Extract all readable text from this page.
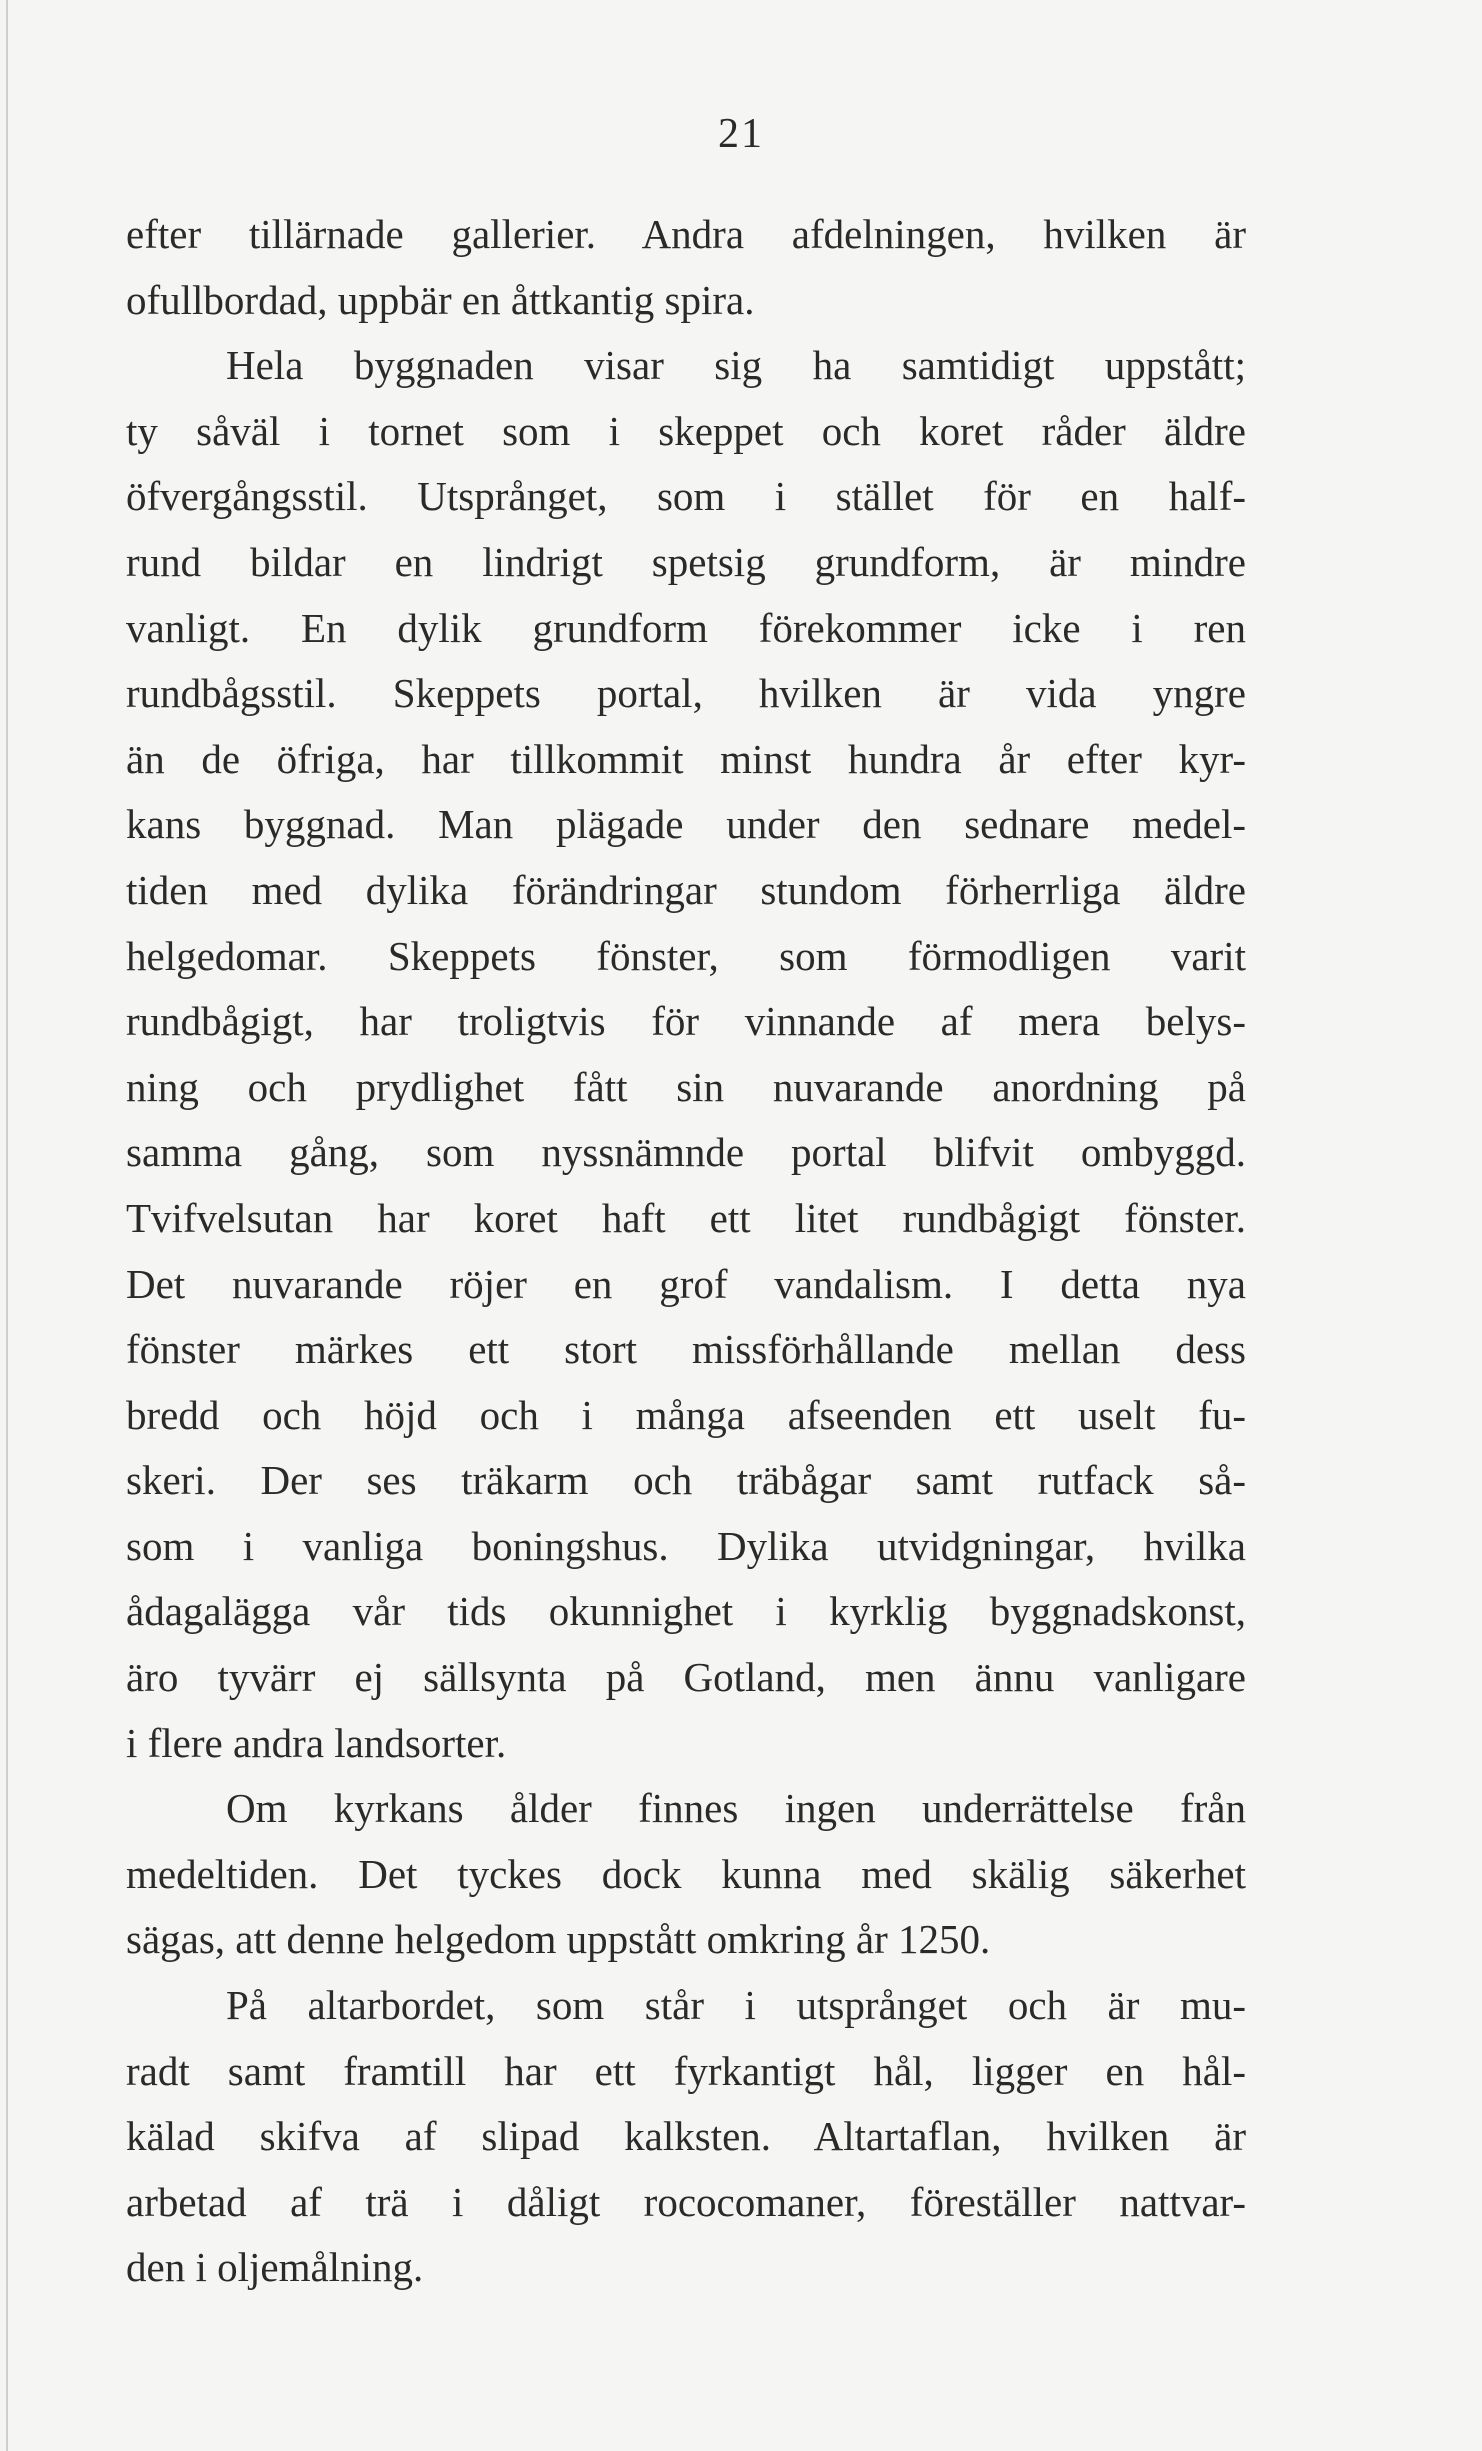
21
efter tillärnade gallerier. Andra afdelningen, hvilken är
ofullbordad, uppbär en åttkantig spira.
Hela byggnaden visar sig ha samtidigt uppstått;
ty såväl i tornet som i skeppet och koret råder äldre
öfvergångsstil. Utsprånget, som i stället för en half-
rund bildar en lindrigt spetsig grundform, är mindre
vanligt. En dylik grundform förekommer icke i ren
rundbågsstil. Skeppets portal, hvilken är vida yngre
än de öfriga, har tillkommit minst hundra år efter kyr-
kans byggnad. Man plägade under den sednare medel-
tiden med dylika förändringar stundom förherrliga äldre
helgedomar. Skeppets fönster, som förmodligen varit
rundbågigt, har troligtvis för vinnande af mera belys-
ning och prydlighet fått sin nuvarande anordning på
samma gång, som nyssnämnde portal blifvit ombyggd.
Tvifvelsutan har koret haft ett litet rundbågigt fönster.
Det nuvarande röjer en grof vandalism. I detta nya
fönster märkes ett stort missförhållande mellan dess
bredd och höjd och i många afseenden ett uselt fu-
skeri. Der ses träkarm och träbågar samt rutfack så-
som i vanliga boningshus. Dylika utvidgningar, hvilka
ådagalägga vår tids okunnighet i kyrklig byggnadskonst,
äro tyvärr ej sällsynta på Gotland, men ännu vanligare
i flere andra landsorter.
Om kyrkans ålder finnes ingen underrättelse från
medeltiden. Det tyckes dock kunna med skälig säkerhet
sägas, att denne helgedom uppstått omkring år 1250.
På altarbordet, som står i utsprånget och är mu-
radt samt framtill har ett fyrkantigt hål, ligger en hål-
kälad skifva af slipad kalksten. Altartaflan, hvilken är
arbetad af trä i dåligt rococomaner, föreställer nattvar-
den i oljemålning.
